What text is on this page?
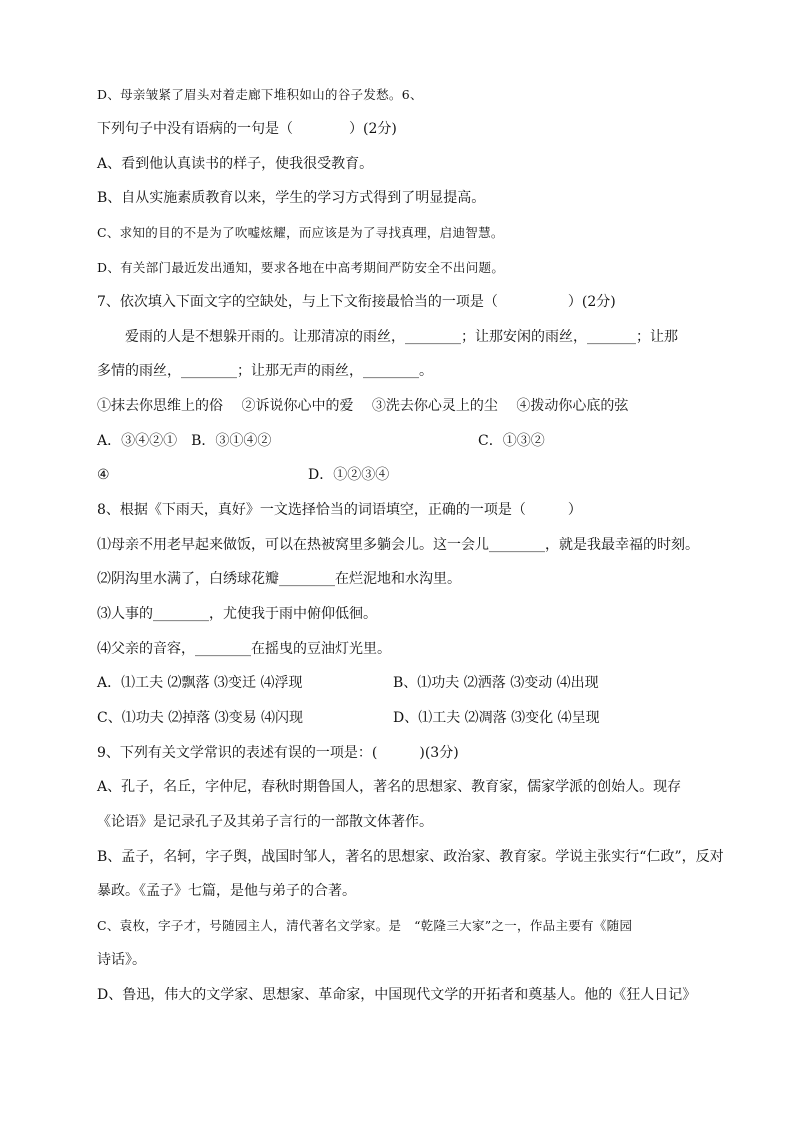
D、母亲皱紧了眉头对着走廊下堆积如山的谷子发愁。6、
下列句子中没有语病的一句是（　　　　）(2分)
A、看到他认真读书的样子，使我很受教育。
B、自从实施素质教育以来，学生的学习方式得到了明显提高。
C、求知的目的不是为了吹嘘炫耀，而应该是为了寻找真理，启迪智慧。
D、有关部门最近发出通知，要求各地在中高考期间严防安全不出问题。
7、依次填入下面文字的空缺处，与上下文衔接最恰当的一项是（　　　　　）(2分)
爱雨的人是不想躲开雨的。让那清凉的雨丝，________；让那安闲的雨丝，_______；让那
多情的雨丝，________；让那无声的雨丝，________。
①抹去你思维上的俗　 ②诉说你心中的爱　 ③洗去你心灵上的尘　 ④拨动你心底的弦
A．③④②①　B．③①④②	C．①③②
④	D．①②③④
8、根据《下雨天，真好》一文选择恰当的词语填空，正确的一项是（　　　）
⑴母亲不用老早起来做饭，可以在热被窝里多躺会儿。这一会儿________，就是我最幸福的时刻。
⑵阴沟里水满了，白绣球花瓣________在烂泥地和水沟里。
⑶人事的________，尤使我于雨中俯仰低徊。
⑷父亲的音容，________在摇曳的豆油灯光里。
A．⑴工夫 ⑵飘落 ⑶变迁 ⑷浮现	B、⑴功夫 ⑵洒落 ⑶变动 ⑷出现
C、⑴功夫 ⑵掉落 ⑶变易 ⑷闪现	D、⑴工夫 ⑵凋落 ⑶变化 ⑷呈现
9、下列有关文学常识的表述有误的一项是：(　　　)(3分)
A、孔子，名丘，字仲尼，春秋时期鲁国人，著名的思想家、教育家，儒家学派的创始人。现存
《论语》是记录孔子及其弟子言行的一部散文体著作。
B、孟子，名轲，字子舆，战国时邹人，著名的思想家、政治家、教育家。学说主张实行“仁政”，反对
暴政。《孟子》七篇，是他与弟子的合著。
C、袁枚，字子才，号随园主人，清代著名文学家。是　“乾隆三大家”之一，作品主要有《随园
诗话》。
D、鲁迅，伟大的文学家、思想家、革命家，中国现代文学的开拓者和奠基人。他的《狂人日记》
